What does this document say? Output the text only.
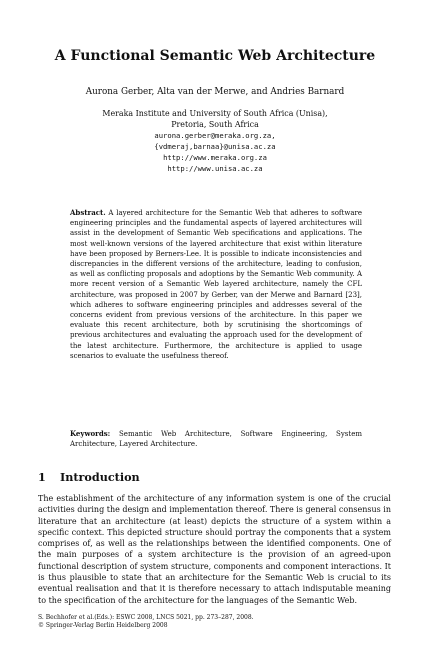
A Functional Semantic Web Architecture
Aurona Gerber, Alta van der Merwe, and Andries Barnard
Meraka Institute and University of South Africa (Unisa),
Pretoria, South Africa
aurona.gerber@meraka.org.za,
{vdmeraj,barnaa}@unisa.ac.za
http://www.meraka.org.za
http://www.unisa.ac.za
Abstract. A layered architecture for the Semantic Web that adheres to software engineering principles and the fundamental aspects of layered architectures will assist in the development of Semantic Web specifications and applications. The most well-known versions of the layered architecture that exist within literature have been proposed by Berners-Lee. It is possible to indicate inconsistencies and discrepancies in the different versions of the architecture, leading to confusion, as well as conflicting proposals and adoptions by the Semantic Web community. A more recent version of a Semantic Web layered architecture, namely the CFL architecture, was proposed in 2007 by Gerber, van der Merwe and Barnard [23], which adheres to software engineering principles and addresses several of the concerns evident from previous versions of the architecture. In this paper we evaluate this recent architecture, both by scrutinising the shortcomings of previous architectures and evaluating the approach used for the development of the latest architecture. Furthermore, the architecture is applied to usage scenarios to evaluate the usefulness thereof.
Keywords: Semantic Web Architecture, Software Engineering, System Architecture, Layered Architecture.
1 Introduction
The establishment of the architecture of any information system is one of the crucial activities during the design and implementation thereof. There is general consensus in literature that an architecture (at least) depicts the structure of a system within a specific context. This depicted structure should portray the components that a system comprises of, as well as the relationships between the identified components. One of the main purposes of a system architecture is the provision of an agreed-upon functional description of system structure, components and component interactions. It is thus plausible to state that an architecture for the Semantic Web is crucial to its eventual realisation and that it is therefore necessary to attach indisputable meaning to the specification of the architecture for the languages of the Semantic Web.
S. Bechhofer et al.(Eds.): ESWC 2008, LNCS 5021, pp. 273–287, 2008.
© Springer-Verlag Berlin Heidelberg 2008
